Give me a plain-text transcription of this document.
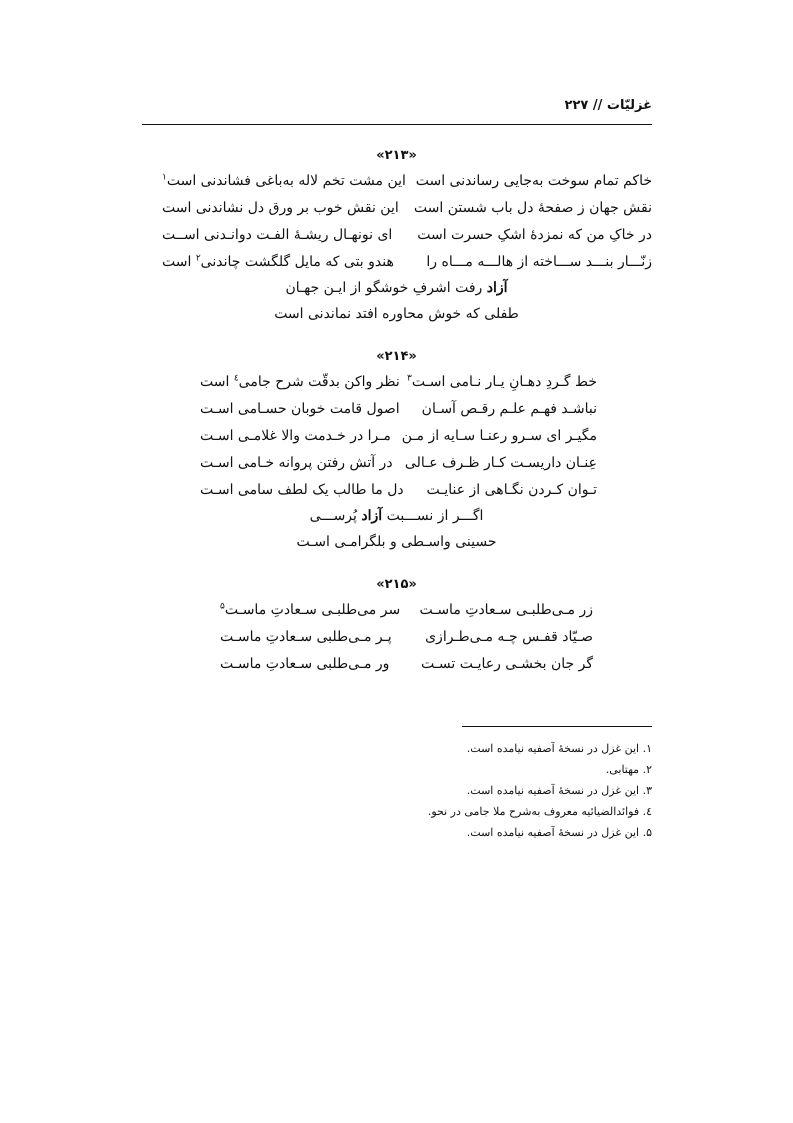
غزلیّات // ۲۲۷
«۲۱۳»
خاکم تمام سوخت به‌جایی رساندنی است
این مشت تخم لاله به‌باغی فشاندنی است$^۱$
نقش جهان ز صفحهٔ دل باب شستن است
این نقش خوب بر ورق دل نشاندنی است
در خاکِ من که نمزدهٔ اشکِ حسرت است
ای نونهـال ریشـهٔ الفـت دوانـدنی اســت
زنّـــار بنـــد ســـاخته از هالـــه مـــاه را
هندو بتی که مایل گلگشت چاندنی$^۲$ است
آزاد رفت اشرفِ خوشگو از ایـن جهـان
طفلی که خوش محاوره افتد نماندنی است
«۲۱۴»
خط گـردِ دهـانِ یـار نـامی اسـت$^۳$
نظر واکن بدقّت شرح جامی$^٤$ است
نباشـد فهـم علـم رقـص آسـان
اصول قامت خوبان حسـامی اسـت
مگیـر ای سـرو رعنـا سـایه از مـن
مـرا در خـدمت والا غلامـی اسـت
عِنـان داریسـت کـار ظـرف عـالی
در آتش رفتن پروانه خـامی اسـت
تـوان کـردن نگـاهی از عنایـت
دل ما طالب یک لطف سامی اسـت
اگـــر از نســـبت آزاد پُرســـی
حسینی واسـطی و بلگرامـی اسـت
«۲۱۵»
زر مـی‌طلبـی سـعادتِ ماسـت
سر می‌طلبـی سـعادتِ ماسـت$^۵$
صـیّاد قفـس چـه مـی‌طـرازی
پـر مـی‌طلبی سـعادتِ ماسـت
گر جان بخشـی رعایـت تسـت
ور مـی‌طلبی سـعادتِ ماسـت
۱. این غزل در نسخهٔ آصفیه نیامده است.
۲. مهتابی.
۳. این غزل در نسخهٔ آصفیه نیامده است.
٤. فوائدالضیائیه معروف به‌شرح ملا جامی در نحو.
۵. این غزل در نسخهٔ آصفیه نیامده است.
